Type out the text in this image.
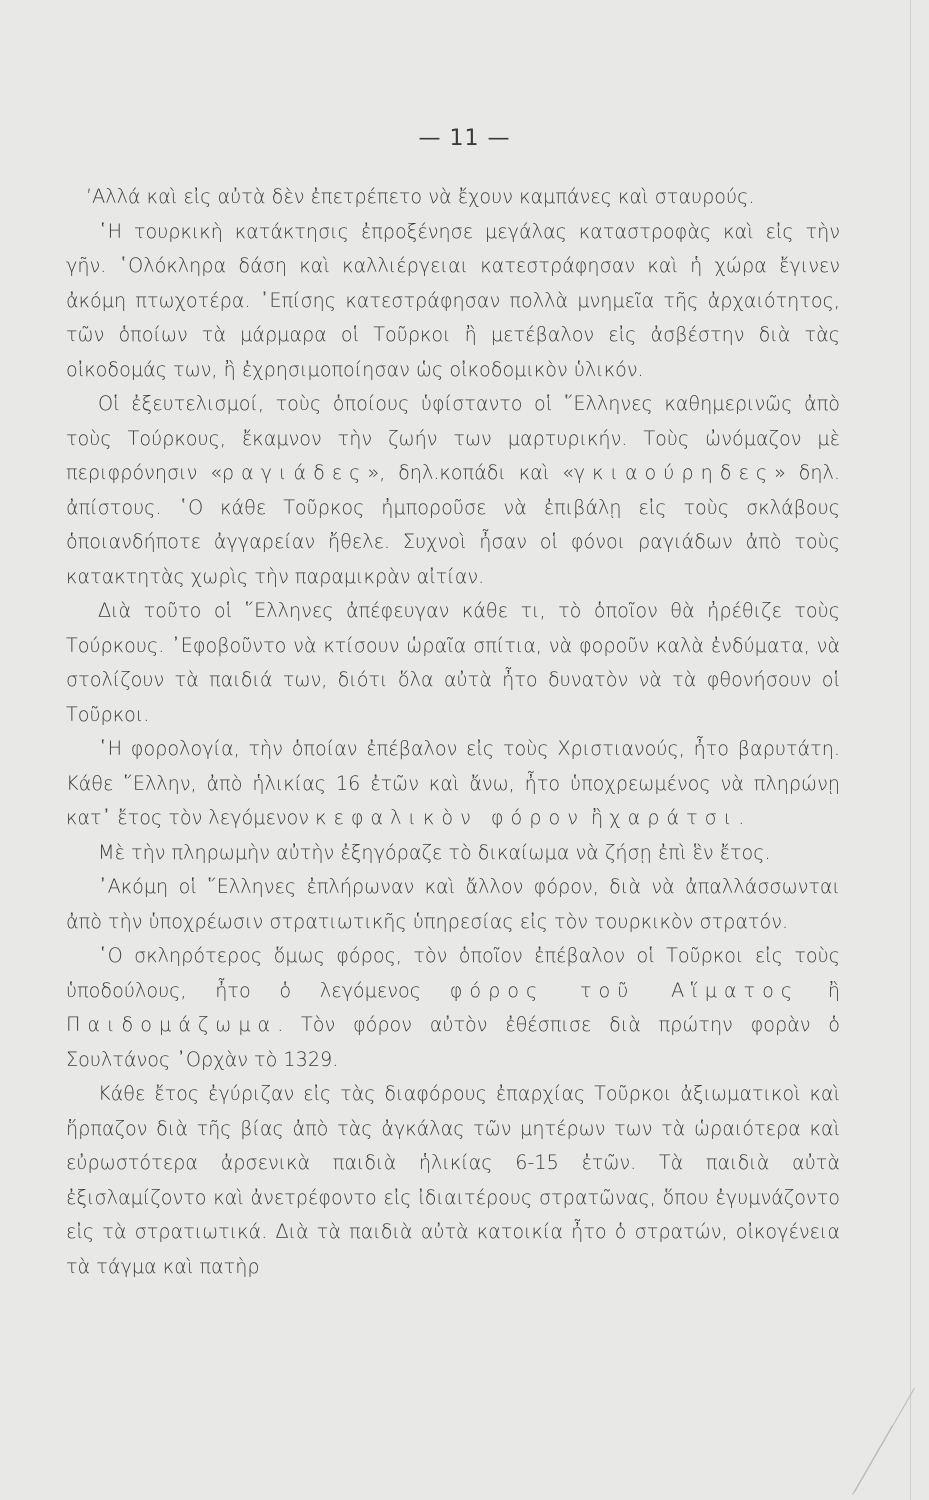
— 11 —

’Αλλά καὶ εἰς αὐτὰ δὲν ἐπετρέπετο νὰ ἔχουν καμπάνες καὶ σταυρούς.

῾Η τουρκικὴ κατάκτησις ἐπροξένησε μεγάλας καταστροφὰς καὶ εἰς τὴν γῆν. ῾Ολόκληρα δάση καὶ καλλιέργειαι κατεστράφησαν καὶ ἡ χώρα ἔγινεν ἀκόμη πτωχοτέρα. ᾿Επίσης κατεστράφησαν πολλὰ μνημεῖα τῆς ἀρχαιότητος, τῶν ὁποίων τὰ μάρμαρα οἱ Τοῦρκοι ἢ μετέβαλον εἰς ἀσβέστην διὰ τὰς οἰκοδομάς των, ἢ ἐχρησιμοποίησαν ὡς οἰκοδομικὸν ὑλικόν.

Οἱ ἐξευτελισμοί, τοὺς ὁποίους ὑφίσταντο οἱ ῞Ελληνες καθημερινῶς ἀπὸ τοὺς Τούρκους, ἔκαμνον τὴν ζωήν των μαρτυρικήν. Τοὺς ὠνόμαζον μὲ περιφρόνησιν «ραγιάδες», δηλ.κοπάδι καὶ «γκιαούρηδες» δηλ. ἀπίστους. ῾Ο κάθε Τοῦρκος ἠμποροῦσε νὰ ἐπιβάλῃ εἰς τοὺς σκλάβους ὁποιανδήποτε ἀγγαρείαν ἤθελε. Συχνοὶ ἦσαν οἱ φόνοι ραγιάδων ἀπὸ τοὺς κατακτητὰς χωρὶς τὴν παραμικρὰν αἰτίαν.

Διὰ τοῦτο οἱ ῞Ελληνες ἀπέφευγαν κάθε τι, τὸ ὁποῖον θὰ ἠρέθιζε τοὺς Τούρκους. ᾿Εφοβοῦντο νὰ κτίσουν ὡραῖα σπίτια, νὰ φοροῦν καλὰ ἐνδύματα, νὰ στολίζουν τὰ παιδιά των, διότι ὅλα αὐτὰ ἦτο δυνατὸν νὰ τὰ φθονήσουν οἱ Τοῦρκοι.

῾Η φορολογία, τὴν ὁποίαν ἐπέβαλον εἰς τοὺς Χριστιανούς, ἦτο βαρυτάτη. Κάθε ῞Ελλην, ἀπὸ ἡλικίας 16 ἐτῶν καὶ ἄνω, ἦτο ὑποχρεωμένος νὰ πληρώνῃ κατ᾿ ἔτος τὸν λεγόμενον κεφαλικὸν φόρον ἢ χαράτσι.

Μὲ τὴν πληρωμὴν αὐτὴν ἐξηγόραζε τὸ δικαίωμα νὰ ζήσῃ ἐπὶ ἓν ἔτος.

᾿Ακόμη οἱ ῞Ελληνες ἐπλήρωναν καὶ ἄλλον φόρον, διὰ νὰ ἀπαλλάσσωνται ἀπὸ τὴν ὑποχρέωσιν στρατιωτικῆς ὑπηρεσίας εἰς τὸν τουρκικὸν στρατόν.

῾Ο σκληρότερος ὅμως φόρος, τὸν ὁποῖον ἐπέβαλον οἱ Τοῦρκοι εἰς τοὺς ὑποδούλους, ἦτο ὁ λεγόμενος φόρος τοῦ Αἵματος ἢ Παιδομάζωμα. Τὸν φόρον αὐτὸν ἐθέσπισε διὰ πρώτην φορὰν ὁ Σουλτάνος ᾿Ορχὰν τὸ 1329.

Κάθε ἔτος ἐγύριζαν εἰς τὰς διαφόρους ἐπαρχίας Τοῦρκοι ἀξιωματικοὶ καὶ ἥρπαζον διὰ τῆς βίας ἀπὸ τὰς ἀγκάλας τῶν μητέρων των τὰ ὡραιότερα καὶ εὐρωστότερα ἀρσενικὰ παιδιὰ ἡλικίας 6-15 ἐτῶν. Τὰ παιδιὰ αὐτὰ ἐξισλαμίζοντο καὶ ἀνετρέφοντο εἰς ἰδιαιτέρους στρατῶνας, ὅπου ἐγυμνάζοντο εἰς τὰ στρατιωτικά. Διὰ τὰ παιδιὰ αὐτὰ κατοικία ἦτο ὁ στρατών, οἰκογένεια τὰ τάγμα καὶ πατὴρ
